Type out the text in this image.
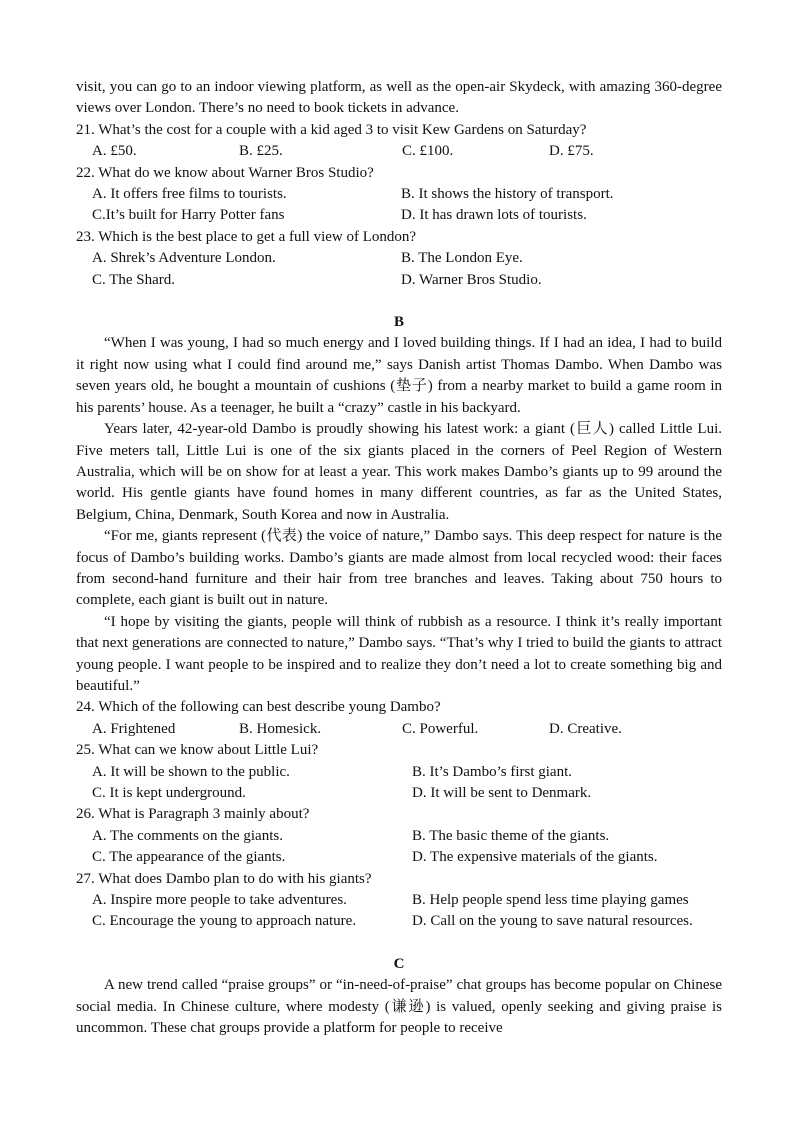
visit, you can go to an indoor viewing platform, as well as the open-air Skydeck, with amazing 360-degree views over London. There’s no need to book tickets in advance.

21. What’s the cost for a couple with a kid aged 3 to visit Kew Gardens on Saturday?

A. £50.	B. £25.	C. £100.	D. £75.

22. What do we know about Warner Bros Studio?

A. It offers free films to tourists.	B. It shows the history of transport.
C.It’s built for Harry Potter fans	D. It has drawn lots of tourists.

23. Which is the best place to get a full view of London?

A. Shrek’s Adventure London.	B. The London Eye.
C. The Shard.	D. Warner Bros Studio.

B

“When I was young, I had so much energy and I loved building things. If I had an idea, I had to build it right now using what I could find around me,” says Danish artist Thomas Dambo. When Dambo was seven years old, he bought a mountain of cushions (垫子) from a nearby market to build a game room in his parents’ house. As a teenager, he built a “crazy” castle in his backyard.

Years later, 42-year-old Dambo is proudly showing his latest work: a giant (巨人) called Little Lui. Five meters tall, Little Lui is one of the six giants placed in the corners of Peel Region of Western Australia, which will be on show for at least a year. This work makes Dambo’s giants up to 99 around the world. His gentle giants have found homes in many different countries, as far as the United States, Belgium, China, Denmark, South Korea and now in Australia.

“For me, giants represent (代表) the voice of nature,” Dambo says. This deep respect for nature is the focus of Dambo’s building works. Dambo’s giants are made almost from local recycled wood: their faces from second-hand furniture and their hair from tree branches and leaves. Taking about 750 hours to complete, each giant is built out in nature.

“I hope by visiting the giants, people will think of rubbish as a resource. I think it’s really important that next generations are connected to nature,” Dambo says. “That’s why I tried to build the giants to attract young people. I want people to be inspired and to realize they don’t need a lot to create something big and beautiful.”

24. Which of the following can best describe young Dambo?

A. Frightened	B. Homesick.	C. Powerful.	D. Creative.

25. What can we know about Little Lui?

A. It will be shown to the public.	B. It’s Dambo’s first giant.
C. It is kept underground.	D. It will be sent to Denmark.

26. What is Paragraph 3 mainly about?

A. The comments on the giants.	B. The basic theme of the giants.
C. The appearance of the giants.	D. The expensive materials of the giants.

27. What does Dambo plan to do with his giants?

A. Inspire more people to take adventures.	B. Help people spend less time playing games
C. Encourage the young to approach nature.	D. Call on the young to save natural resources.

C

A new trend called “praise groups” or “in-need-of-praise” chat groups has become popular on Chinese social media. In Chinese culture, where modesty (谦逊) is valued, openly seeking and giving praise is uncommon. These chat groups provide a platform for people to receive
